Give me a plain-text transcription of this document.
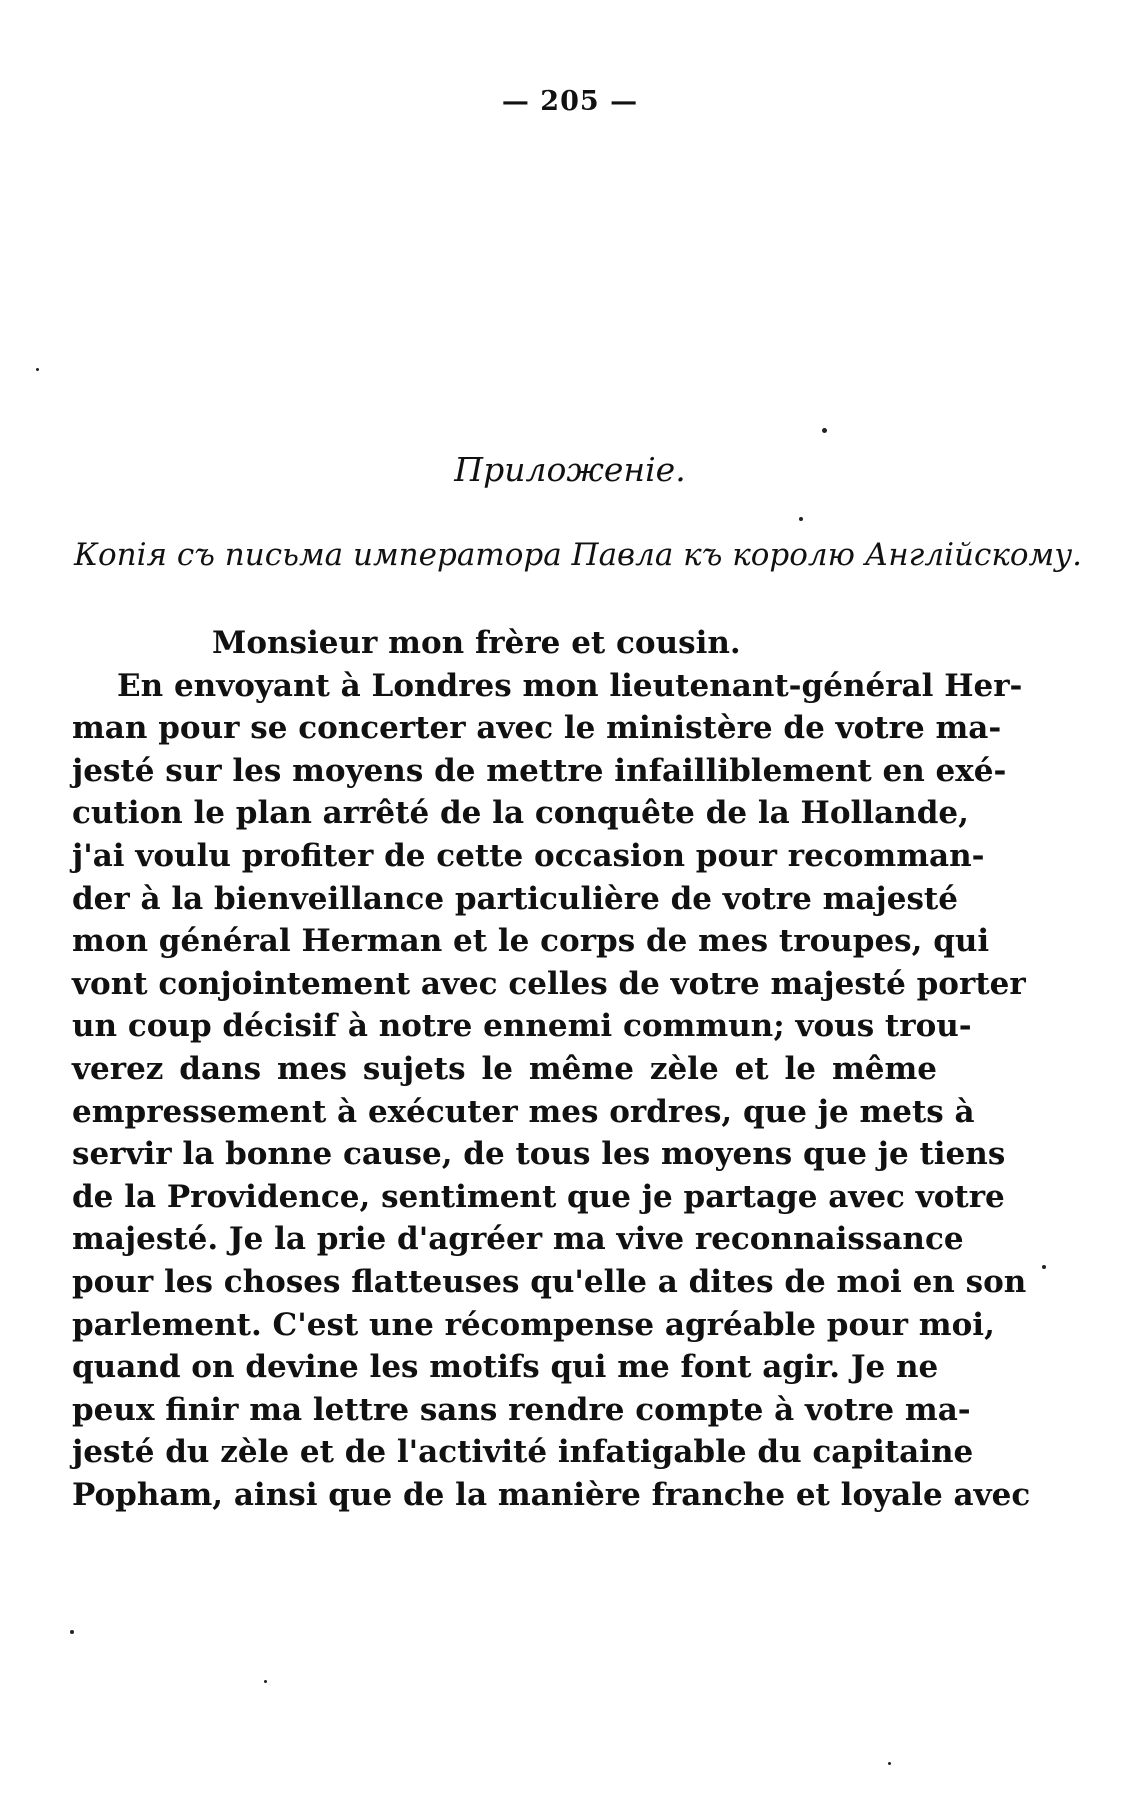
— 205 —
Приложеніе.
Копія съ письма императора Павла къ королю Англійскому.
Monsieur mon frère et cousin.
En envoyant à Londres mon lieutenant-général Her-
man pour se concerter avec le ministère de votre ma-
jesté sur les moyens de mettre infailliblement en exé-
cution le plan arrêté de la conquête de la Hollande,
j'ai voulu profiter de cette occasion pour recomman-
der à la bienveillance particulière de votre majesté
mon général Herman et le corps de mes troupes, qui
vont conjointement avec celles de votre majesté porter
un coup décisif à notre ennemi commun; vous trou-
verez dans mes sujets le même zèle et le même
empressement à exécuter mes ordres, que je mets à
servir la bonne cause, de tous les moyens que je tiens
de la Providence, sentiment que je partage avec votre
majesté. Je la prie d'agréer ma vive reconnaissance
pour les choses flatteuses qu'elle a dites de moi en son
parlement. C'est une récompense agréable pour moi,
quand on devine les motifs qui me font agir. Je ne
peux finir ma lettre sans rendre compte à votre ma-
jesté du zèle et de l'activité infatigable du capitaine
Popham, ainsi que de la manière franche et loyale avec
